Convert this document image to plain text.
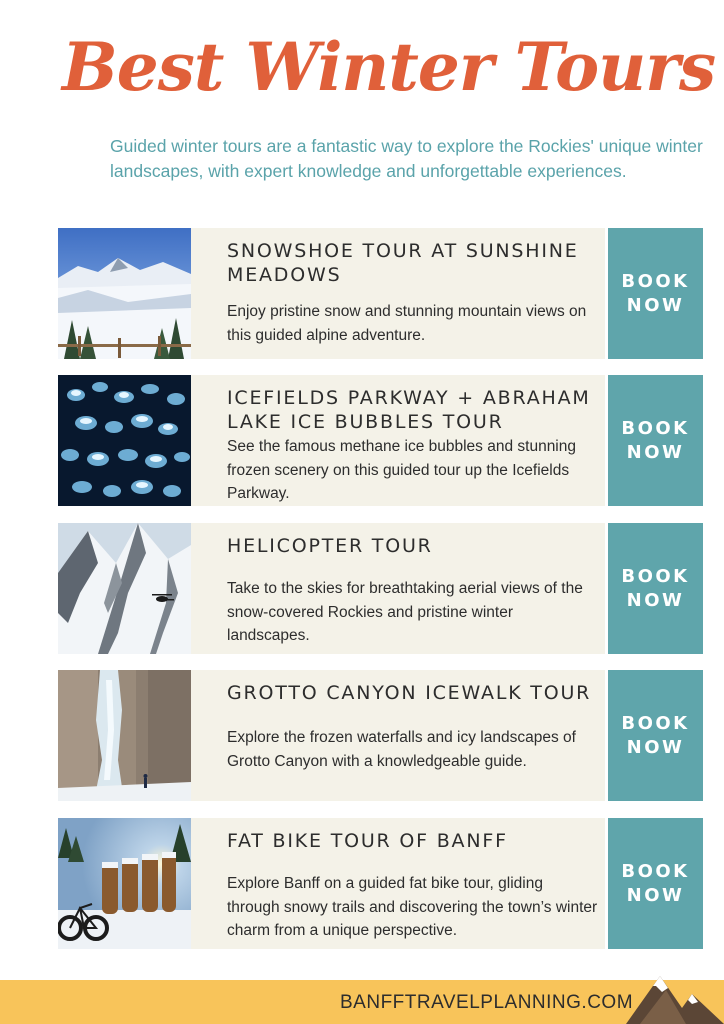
Best Winter Tours
Guided winter tours are a fantastic way to explore the Rockies' unique winter landscapes, with expert knowledge and unforgettable experiences.
SNOWSHOE TOUR AT SUNSHINE MEADOWS
Enjoy pristine snow and stunning mountain views on this guided alpine adventure.
BOOK
NOW
ICEFIELDS PARKWAY + ABRAHAM LAKE ICE BUBBLES TOUR
See the famous methane ice bubbles and stunning frozen scenery on this guided tour up the Icefields Parkway.
BOOK
NOW
HELICOPTER TOUR
Take to the skies for breathtaking aerial views of the snow-covered Rockies and pristine winter landscapes.
BOOK
NOW
GROTTO CANYON ICEWALK TOUR
Explore the frozen waterfalls and icy landscapes of Grotto Canyon with a knowledgeable guide.
BOOK
NOW
FAT BIKE TOUR OF BANFF
Explore Banff on a guided fat bike tour, gliding through snowy trails and discovering the town’s winter charm from a unique perspective.
BOOK
NOW
BANFFTRAVELPLANNING.COM
